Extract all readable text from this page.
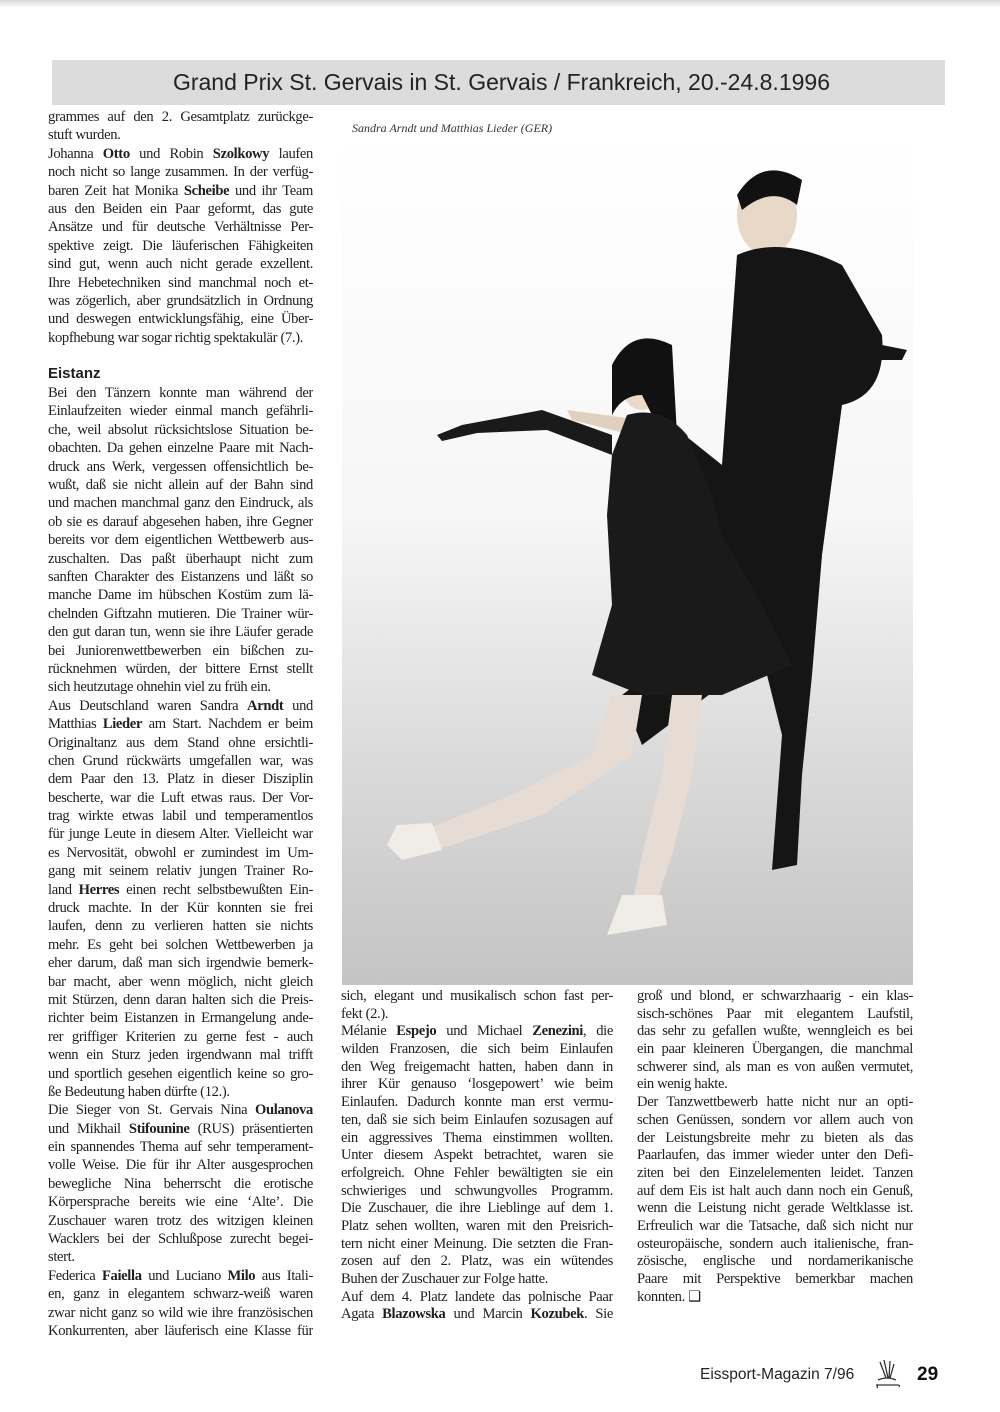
Grand Prix St. Gervais in St. Gervais / Frankreich, 20.-24.8.1996
grammes auf den 2. Gesamtplatz zurückge-
stuft wurden.
Johanna Otto und Robin Szolkowy laufen
noch nicht so lange zusammen. In der verfüg-
baren Zeit hat Monika Scheibe und ihr Team
aus den Beiden ein Paar geformt, das gute
Ansätze und für deutsche Verhältnisse Per-
spektive zeigt. Die läuferischen Fähigkeiten
sind gut, wenn auch nicht gerade exzellent.
Ihre Hebetechniken sind manchmal noch et-
was zögerlich, aber grundsätzlich in Ordnung
und deswegen entwicklungsfähig, eine Über-
kopfhebung war sogar richtig spektakulär (7.).
Eistanz
Bei den Tänzern konnte man während der
Einlaufzeiten wieder einmal manch gefährli-
che, weil absolut rücksichtslose Situation be-
obachten. Da gehen einzelne Paare mit Nach-
druck ans Werk, vergessen offensichtlich be-
wußt, daß sie nicht allein auf der Bahn sind
und machen manchmal ganz den Eindruck, als
ob sie es darauf abgesehen haben, ihre Gegner
bereits vor dem eigentlichen Wettbewerb aus-
zuschalten. Das paßt überhaupt nicht zum
sanften Charakter des Eistanzens und läßt so
manche Dame im hübschen Kostüm zum lä-
chelnden Giftzahn mutieren. Die Trainer wür-
den gut daran tun, wenn sie ihre Läufer gerade
bei Juniorenwettbewerben ein bißchen zu-
rücknehmen würden, der bittere Ernst stellt
sich heutzutage ohnehin viel zu früh ein.
Aus Deutschland waren Sandra Arndt und
Matthias Lieder am Start. Nachdem er beim
Originaltanz aus dem Stand ohne ersichtli-
chen Grund rückwärts umgefallen war, was
dem Paar den 13. Platz in dieser Disziplin
bescherte, war die Luft etwas raus. Der Vor-
trag wirkte etwas labil und temperamentlos
für junge Leute in diesem Alter. Vielleicht war
es Nervosität, obwohl er zumindest im Um-
gang mit seinem relativ jungen Trainer Ro-
land Herres einen recht selbstbewußten Ein-
druck machte. In der Kür konnten sie frei
laufen, denn zu verlieren hatten sie nichts
mehr. Es geht bei solchen Wettbewerben ja
eher darum, daß man sich irgendwie bemerk-
bar macht, aber wenn möglich, nicht gleich
mit Stürzen, denn daran halten sich die Preis-
richter beim Eistanzen in Ermangelung ande-
rer griffiger Kriterien zu gerne fest - auch
wenn ein Sturz jeden irgendwann mal trifft
und sportlich gesehen eigentlich keine so gro-
ße Bedeutung haben dürfte (12.).
Die Sieger von St. Gervais Nina Oulanova
und Mikhail Stifounine (RUS) präsentierten
ein spannendes Thema auf sehr temperament-
volle Weise. Die für ihr Alter ausgesprochen
bewegliche Nina beherrscht die erotische
Körpersprache bereits wie eine ‘Alte’. Die
Zuschauer waren trotz des witzigen kleinen
Wacklers bei der Schlußpose zurecht begei-
stert.
Federica Faiella und Luciano Milo aus Itali-
en, ganz in elegantem schwarz-weiß waren
zwar nicht ganz so wild wie ihre französischen
Konkurrenten, aber läuferisch eine Klasse für
Sandra Arndt und Matthias Lieder (GER)
sich, elegant und musikalisch schon fast per-
fekt (2.).
Mélanie Espejo und Michael Zenezini, die
wilden Franzosen, die sich beim Einlaufen
den Weg freigemacht hatten, haben dann in
ihrer Kür genauso ‘losgepowert’ wie beim
Einlaufen. Dadurch konnte man erst vermu-
ten, daß sie sich beim Einlaufen sozusagen auf
ein aggressives Thema einstimmen wollten.
Unter diesem Aspekt betrachtet, waren sie
erfolgreich. Ohne Fehler bewältigten sie ein
schwieriges und schwungvolles Programm.
Die Zuschauer, die ihre Lieblinge auf dem 1.
Platz sehen wollten, waren mit den Preisrich-
tern nicht einer Meinung. Die setzten die Fran-
zosen auf den 2. Platz, was ein wütendes
Buhen der Zuschauer zur Folge hatte.
Auf dem 4. Platz landete das polnische Paar
Agata Blazowska und Marcin Kozubek. Sie
groß und blond, er schwarzhaarig - ein klas-
sisch-schönes Paar mit elegantem Laufstil,
das sehr zu gefallen wußte, wenngleich es bei
ein paar kleineren Übergangen, die manchmal
schwerer sind, als man es von außen vermutet,
ein wenig hakte.
Der Tanzwettbewerb hatte nicht nur an opti-
schen Genüssen, sondern vor allem auch von
der Leistungsbreite mehr zu bieten als das
Paarlaufen, das immer wieder unter den Defi-
ziten bei den Einzelelementen leidet. Tanzen
auf dem Eis ist halt auch dann noch ein Genuß,
wenn die Leistung nicht gerade Weltklasse ist.
Erfreulich war die Tatsache, daß sich nicht nur
osteuropäische, sondern auch italienische, fran-
zösische, englische und nordamerikanische
Paare mit Perspektive bemerkbar machen
konnten. ❑
Eissport-Magazin 7/96	29
